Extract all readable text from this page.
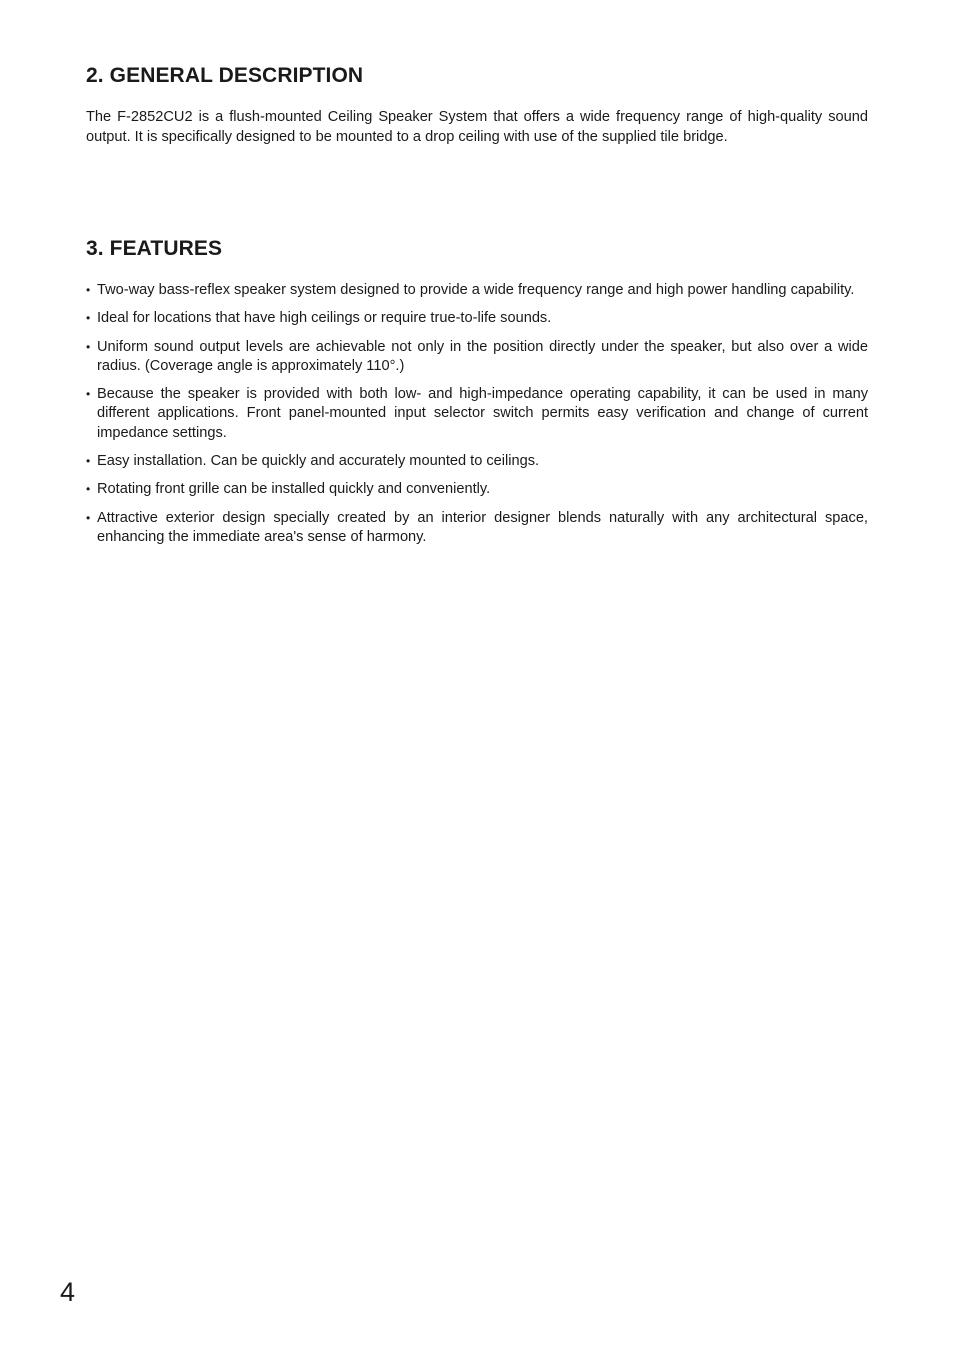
2. GENERAL DESCRIPTION

The F-2852CU2 is a flush-mounted Ceiling Speaker System that offers a wide frequency range of high-quality sound output. It is specifically designed to be mounted to a drop ceiling with use of the supplied tile bridge.

3. FEATURES
• Two-way bass-reflex speaker system designed to provide a wide frequency range and high power handling capability.
• Ideal for locations that have high ceilings or require true-to-life sounds.
• Uniform sound output levels are achievable not only in the position directly under the speaker, but also over a wide radius. (Coverage angle is approximately 110°.)
• Because the speaker is provided with both low- and high-impedance operating capability, it can be used in many different applications. Front panel-mounted input selector switch permits easy verification and change of current impedance settings.
• Easy installation. Can be quickly and accurately mounted to ceilings.
• Rotating front grille can be installed quickly and conveniently.
• Attractive exterior design specially created by an interior designer blends naturally with any architectural space, enhancing the immediate area's sense of harmony.
4
